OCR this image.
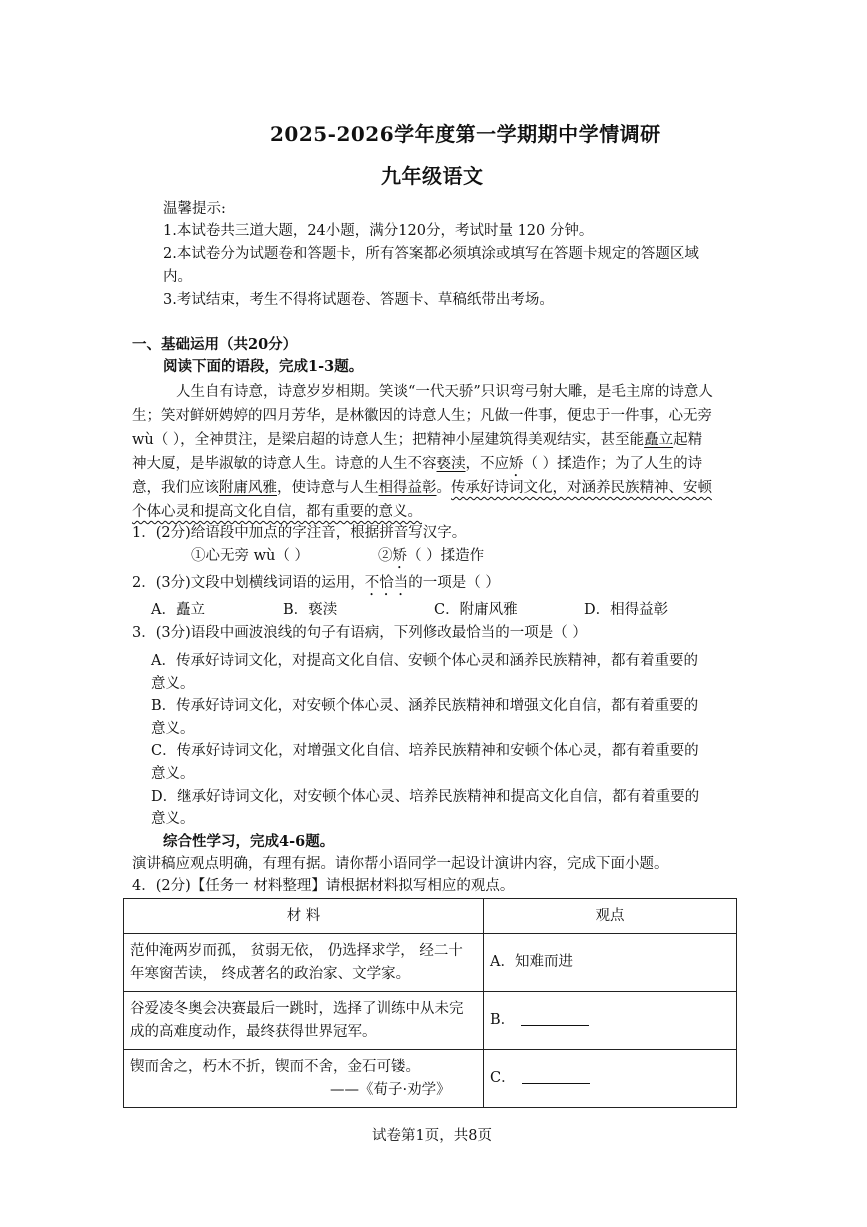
2025-2026学年度第一学期期中学情调研
九年级语文
温馨提示:
1.本试卷共三道大题，24小题，满分120分，考试时量 120 分钟。
2.本试卷分为试题卷和答题卡，所有答案都必须填涂或填写在答题卡规定的答题区域
内。
3.考试结束，考生不得将试题卷、答题卡、草稿纸带出考场。
一、基础运用（共20分）
阅读下面的语段，完成1-3题。
人生自有诗意，诗意岁岁相期。笑谈“一代天骄”只识弯弓射大雕，是毛主席的诗意人
生；笑对鲜妍娉婷的四月芳华，是林徽因的诗意人生；凡做一件事，便忠于一件事，心无旁
wù（ ），全神贯注，是梁启超的诗意人生；把精神小屋建筑得美观结实，甚至能矗立起精
神大厦，是毕淑敏的诗意人生。诗意的人生不容亵渎，不应矫（ ）揉造作；为了人生的诗
意，我们应该附庸风雅，使诗意与人生相得益彰。传承好诗词文化，对涵养民族精神、安顿
个体心灵和提高文化自信，都有重要的意义。
1．(2分)给语段中加点的字注音，根据拼音写汉字。
①心无旁 wù（ ）	②矫（ ）揉造作
2．(3分)文段中划横线词语的运用，不恰当的一项是（ ）
A．矗立	B．亵渎	C．附庸风雅	D．相得益彰
3．(3分)语段中画波浪线的句子有语病，下列修改最恰当的一项是（ ）
A．传承好诗词文化，对提高文化自信、安顿个体心灵和涵养民族精神，都有着重要的
意义。
B．传承好诗词文化，对安顿个体心灵、涵养民族精神和增强文化自信，都有着重要的
意义。
C．传承好诗词文化，对增强文化自信、培养民族精神和安顿个体心灵，都有着重要的
意义。
D．继承好诗词文化，对安顿个体心灵、培养民族精神和提高文化自信，都有着重要的
意义。
综合性学习，完成4-6题。
演讲稿应观点明确，有理有据。请你帮小语同学一起设计演讲内容，完成下面小题。
4．(2分)【任务一 材料整理】请根据材料拟写相应的观点。
材 料	观点
范仲淹两岁而孤， 贫弱无依， 仍选择求学， 经二十年寒窗苦读， 终成著名的政治家、文学家。	A．知难而进
谷爱凌冬奥会决赛最后一跳时，选择了训练中从未完成的高难度动作，最终获得世界冠军。	B．

锲而舍之，朽木不折，锲而不舍，金石可镂。
——《荀子·劝学》	C．
试卷第1页，共8页
